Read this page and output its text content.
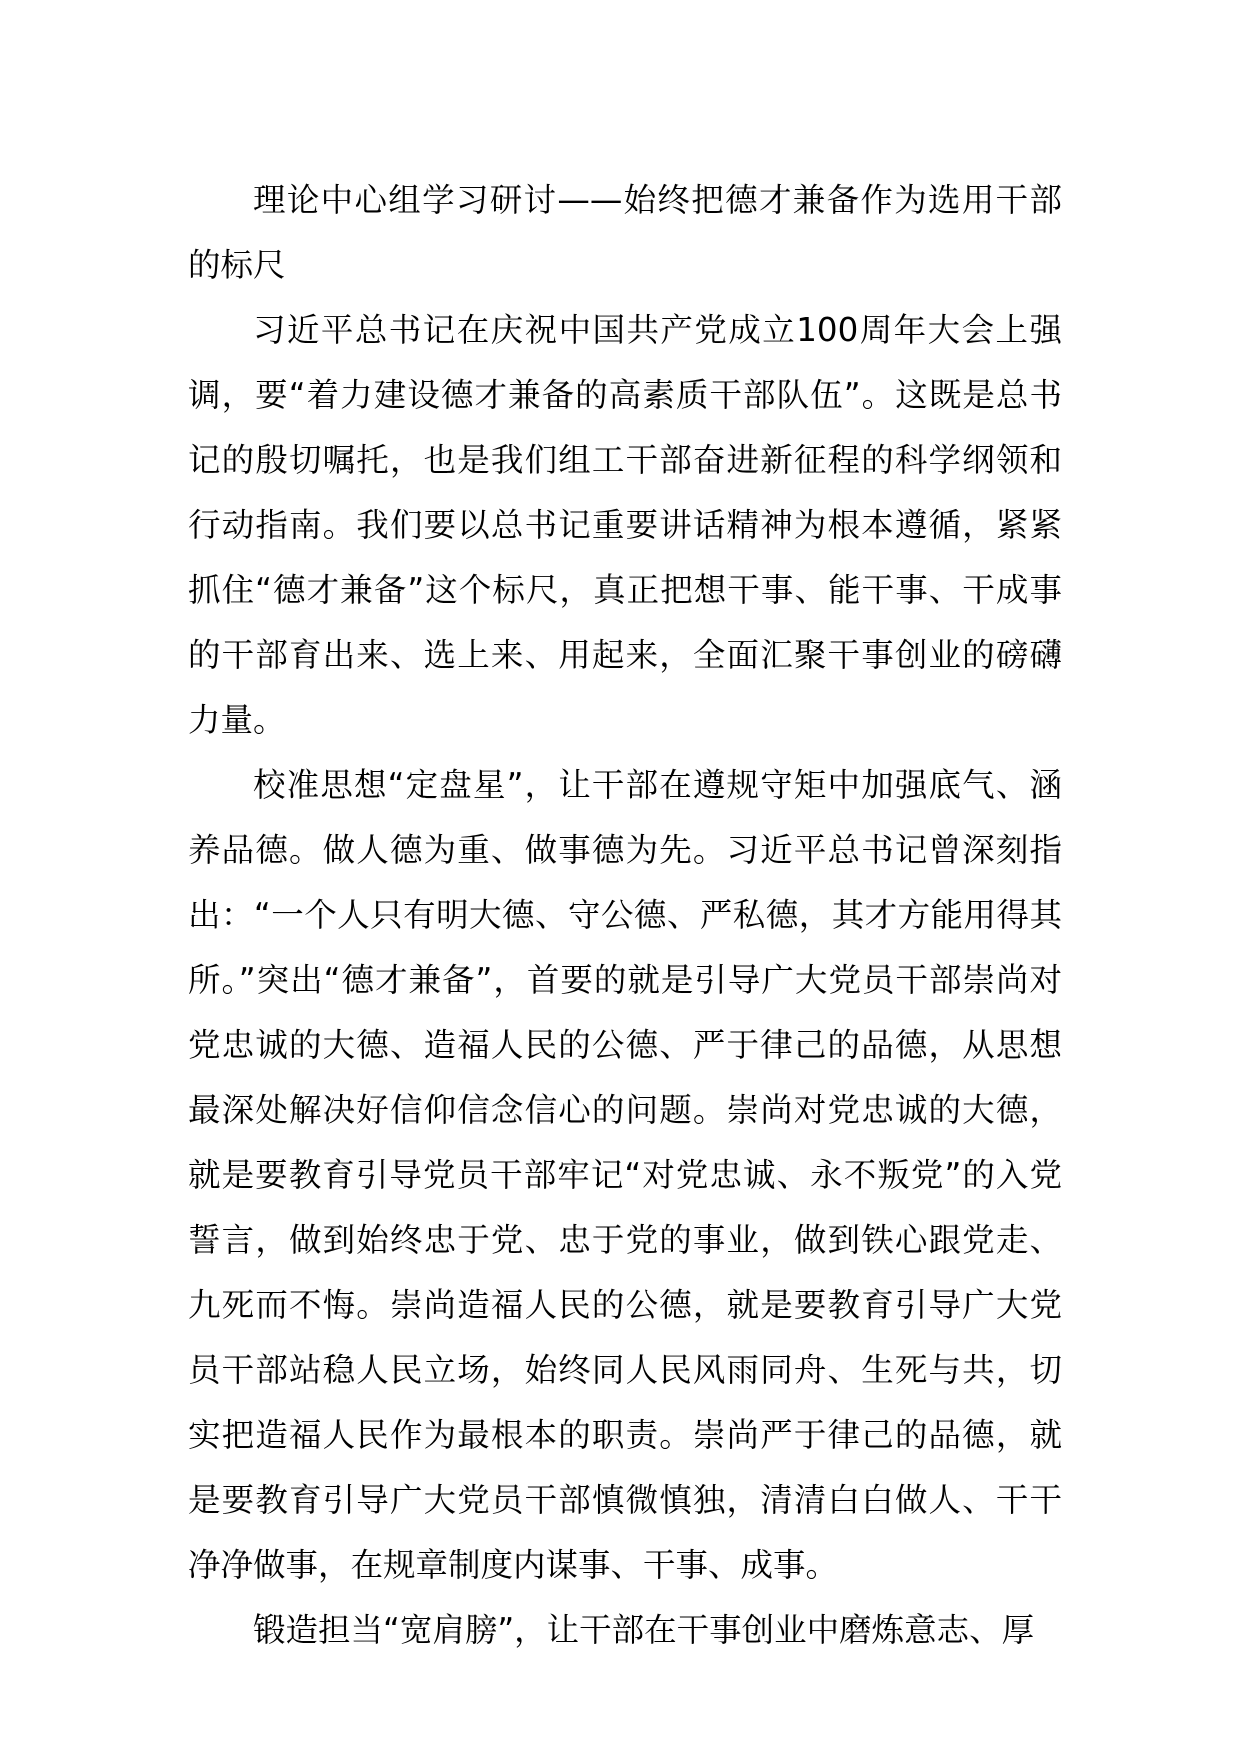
理论中心组学习研讨——始终把德才兼备作为选用干部的标尺

习近平总书记在庆祝中国共产党成立100周年大会上强调，要“着力建设德才兼备的高素质干部队伍”。这既是总书记的殷切嘱托，也是我们组工干部奋进新征程的科学纲领和行动指南。我们要以总书记重要讲话精神为根本遵循，紧紧抓住“德才兼备”这个标尺，真正把想干事、能干事、干成事的干部育出来、选上来、用起来，全面汇聚干事创业的磅礴力量。

校准思想“定盘星”，让干部在遵规守矩中加强底气、涵养品德。做人德为重、做事德为先。习近平总书记曾深刻指出：“一个人只有明大德、守公德、严私德，其才方能用得其所。”突出“德才兼备”，首要的就是引导广大党员干部崇尚对党忠诚的大德、造福人民的公德、严于律己的品德，从思想最深处解决好信仰信念信心的问题。崇尚对党忠诚的大德，就是要教育引导党员干部牢记“对党忠诚、永不叛党”的入党誓言，做到始终忠于党、忠于党的事业，做到铁心跟党走、九死而不悔。崇尚造福人民的公德，就是要教育引导广大党员干部站稳人民立场，始终同人民风雨同舟、生死与共，切实把造福人民作为最根本的职责。崇尚严于律己的品德，就是要教育引导广大党员干部慎微慎独，清清白白做人、干干净净做事，在规章制度内谋事、干事、成事。

锻造担当“宽肩膀”，让干部在干事创业中磨炼意志、厚
